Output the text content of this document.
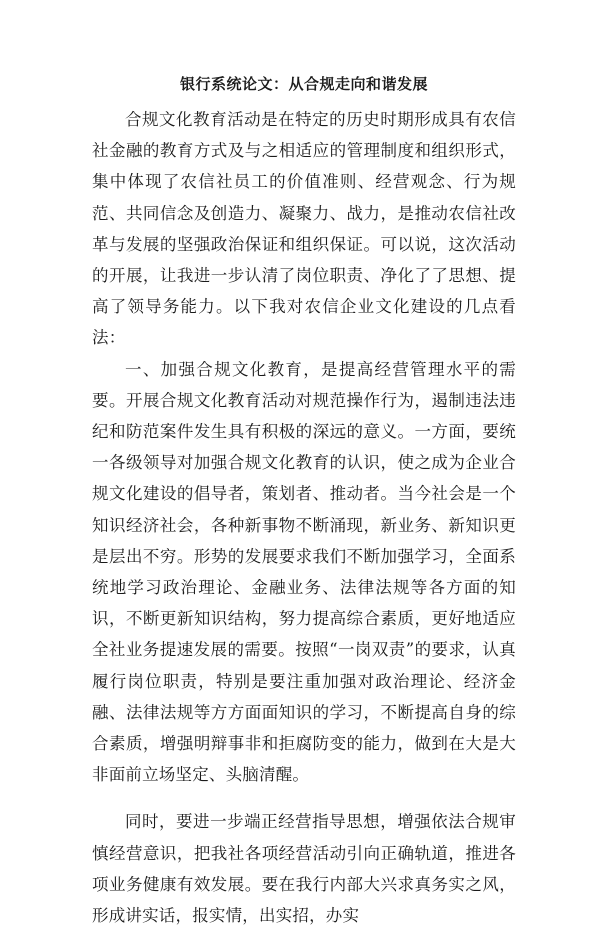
银行系统论文：从合规走向和谐发展

合规文化教育活动是在特定的历史时期形成具有农信社金融的教育方式及与之相适应的管理制度和组织形式，集中体现了农信社员工的价值准则、经营观念、行为规范、共同信念及创造力、凝聚力、战力，是推动农信社改革与发展的坚强政治保证和组织保证。可以说，这次活动的开展，让我进一步认清了岗位职责、净化了了思想、提高了领导务能力。以下我对农信企业文化建设的几点看法：

一、加强合规文化教育，是提高经营管理水平的需要。开展合规文化教育活动对规范操作行为，遏制违法违纪和防范案件发生具有积极的深远的意义。一方面，要统一各级领导对加强合规文化教育的认识，使之成为企业合规文化建设的倡导者，策划者、推动者。当今社会是一个知识经济社会，各种新事物不断涌现，新业务、新知识更是层出不穷。形势的发展要求我们不断加强学习，全面系统地学习政治理论、金融业务、法律法规等各方面的知识，不断更新知识结构，努力提高综合素质，更好地适应全社业务提速发展的需要。按照“一岗双责”的要求，认真履行岗位职责，特别是要注重加强对政治理论、经济金融、法律法规等方方面面知识的学习，不断提高自身的综合素质，增强明辩事非和拒腐防变的能力，做到在大是大非面前立场坚定、头脑清醒。

同时，要进一步端正经营指导思想，增强依法合规审慎经营意识，把我社各项经营活动引向正确轨道，推进各项业务健康有效发展。要在我行内部大兴求真务实之风，形成讲实话，报实情，出实招，办实
